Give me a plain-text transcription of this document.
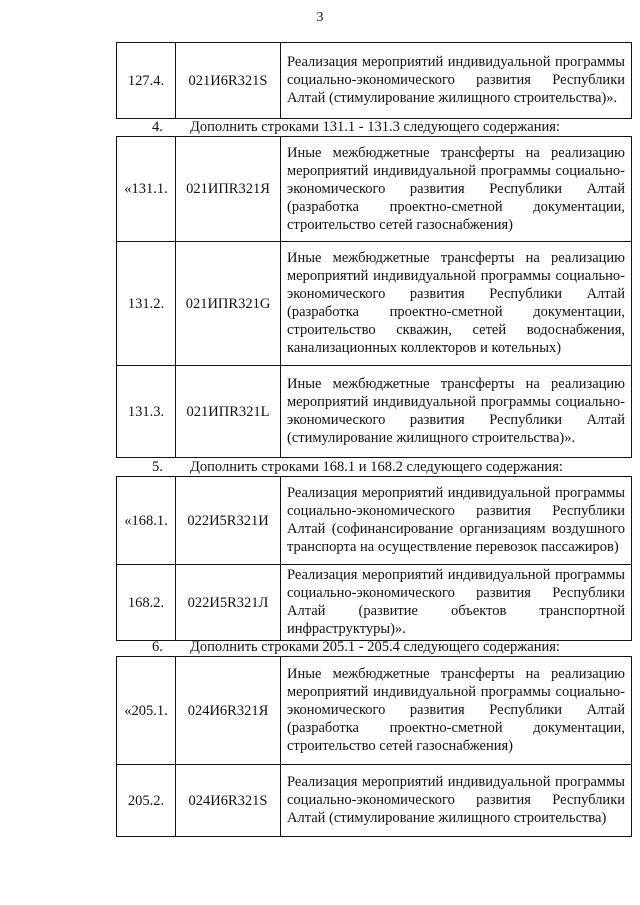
3
127.4.	021И6R321S	Реализация мероприятий индивидуальной программы социально-экономического развития Республики Алтай (стимулирование жилищного строительства)».
4. Дополнить строками 131.1 - 131.3 следующего содержания:
«131.1.	021ИПR321Я	Иные межбюджетные трансферты на реализацию мероприятий индивидуальной программы социально-экономического развития Республики Алтай (разработка проектно-сметной документации, строительство сетей газоснабжения)
131.2.	021ИПR321G	Иные межбюджетные трансферты на реализацию мероприятий индивидуальной программы социально-экономического развития Республики Алтай (разработка проектно-сметной документации, строительство скважин, сетей водоснабжения, канализационных коллекторов и котельных)
131.3.	021ИПR321L	Иные межбюджетные трансферты на реализацию мероприятий индивидуальной программы социально-экономического развития Республики Алтай (стимулирование жилищного строительства)».
5. Дополнить строками 168.1 и 168.2 следующего содержания:
«168.1.	022И5R321И	Реализация мероприятий индивидуальной программы социально-экономического развития Республики Алтай (софинансирование организациям воздушного транспорта на осуществление перевозок пассажиров)
168.2.	022И5R321Л	Реализация мероприятий индивидуальной программы социально-экономического развития Республики Алтай (развитие объектов транспортной инфраструктуры)».
6. Дополнить строками 205.1 - 205.4 следующего содержания:
«205.1.	024И6R321Я	Иные межбюджетные трансферты на реализацию мероприятий индивидуальной программы социально-экономического развития Республики Алтай (разработка проектно-сметной документации, строительство сетей газоснабжения)
205.2.	024И6R321S	Реализация мероприятий индивидуальной программы социально-экономического развития Республики Алтай (стимулирование жилищного строительства)
